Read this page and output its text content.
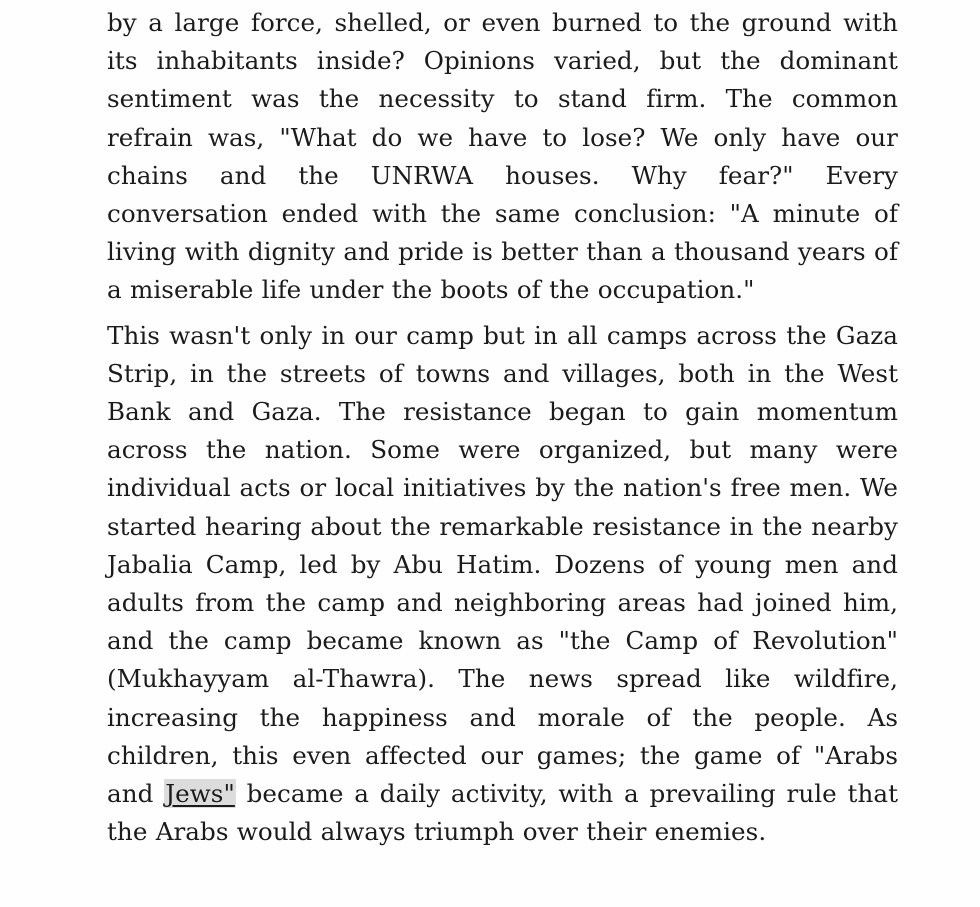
by a large force, shelled, or even burned to the ground with its inhabitants inside? Opinions varied, but the dominant sentiment was the necessity to stand firm. The common refrain was, "What do we have to lose? We only have our chains and the UNRWA houses. Why fear?" Every conversation ended with the same conclusion: "A minute of living with dignity and pride is better than a thousand years of a miserable life under the boots of the occupation."

This wasn't only in our camp but in all camps across the Gaza Strip, in the streets of towns and villages, both in the West Bank and Gaza. The resistance began to gain momentum across the nation. Some were organized, but many were individual acts or local initiatives by the nation's free men. We started hearing about the remarkable resistance in the nearby Jabalia Camp, led by Abu Hatim. Dozens of young men and adults from the camp and neighboring areas had joined him, and the camp became known as "the Camp of Revolution" (Mukhayyam al-Thawra). The news spread like wildfire, increasing the happiness and morale of the people. As children, this even affected our games; the game of "Arabs and Jews" became a daily activity, with a prevailing rule that the Arabs would always triumph over their enemies.
